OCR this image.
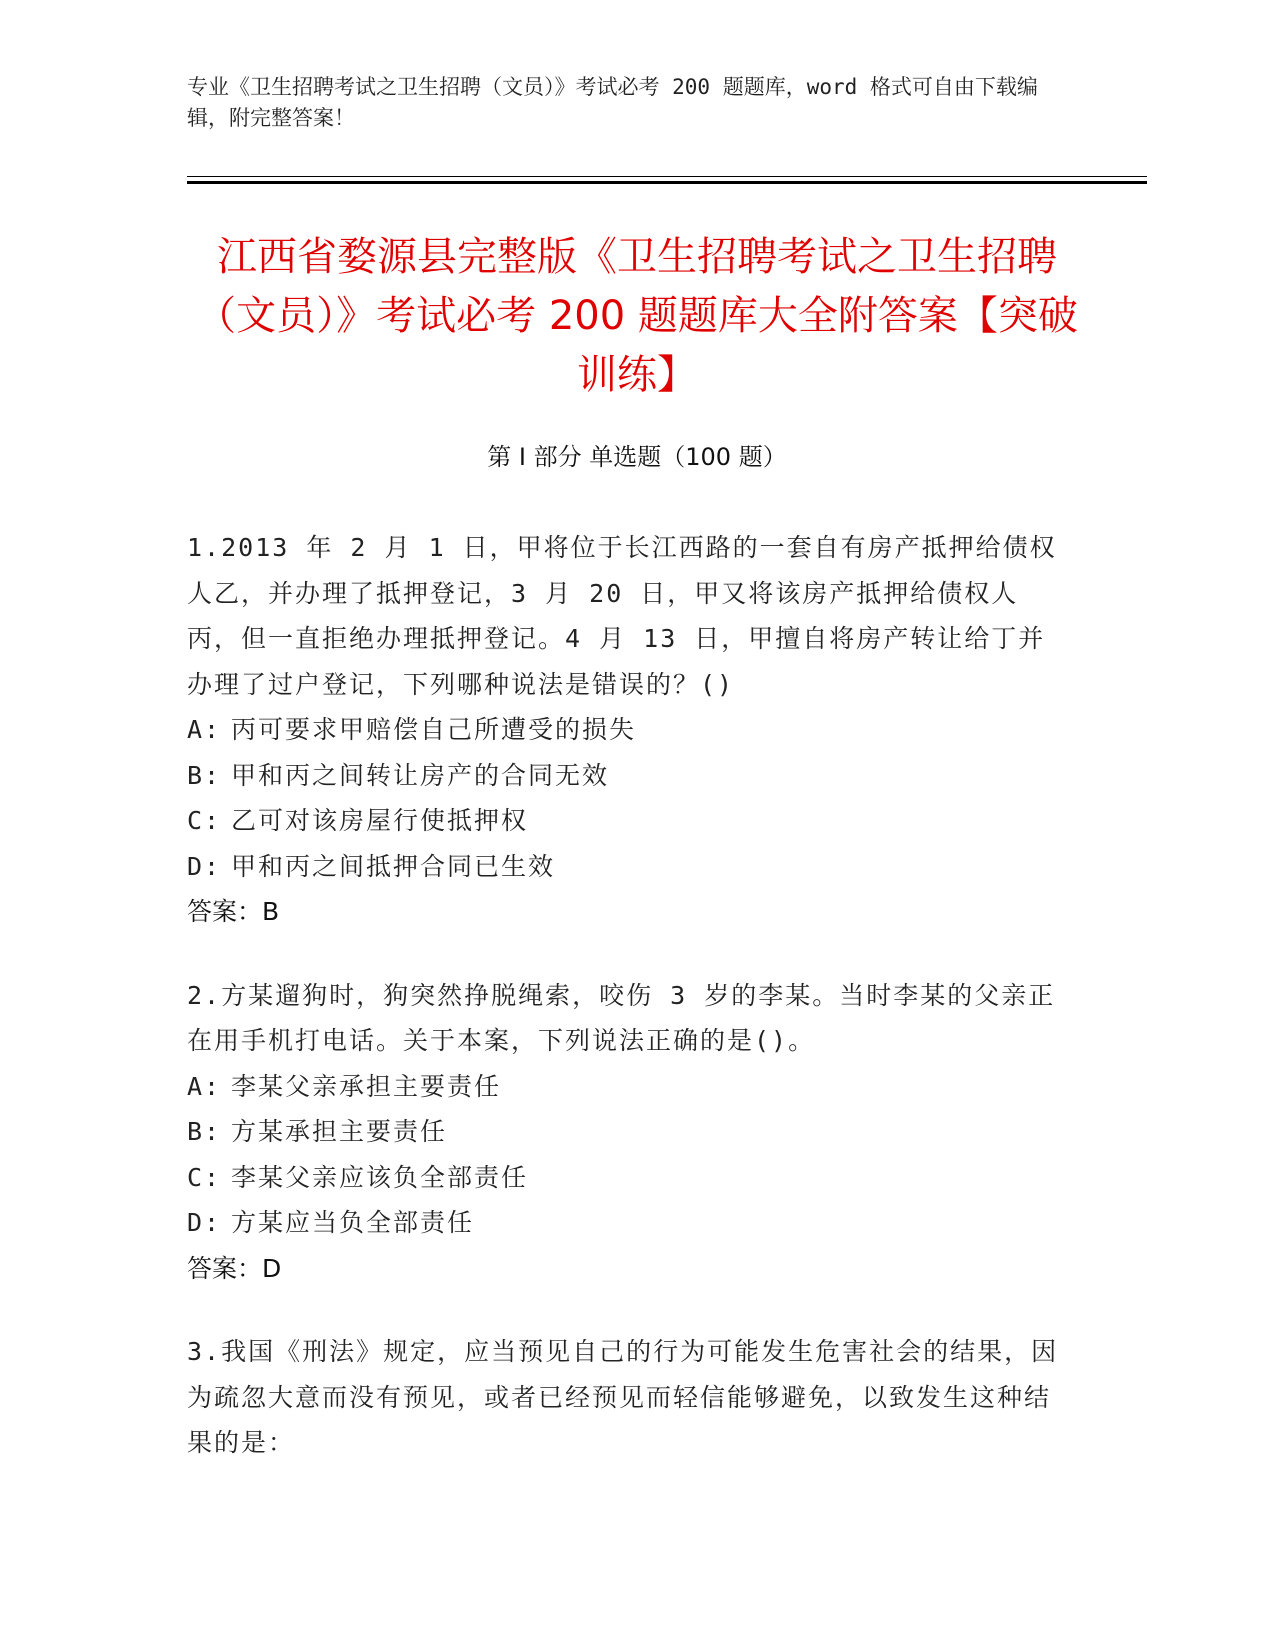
专业《卫生招聘考试之卫生招聘（文员）》考试必考 200 题题库，word 格式可自由下载编辑，附完整答案！
江西省婺源县完整版《卫生招聘考试之卫生招聘（文员）》考试必考 200 题题库大全附答案【突破训练】
第 I 部分 单选题（100 题）

1.2013 年 2 月 1 日，甲将位于长江西路的一套自有房产抵押给债权人乙，并办理了抵押登记，3 月 20 日，甲又将该房产抵押给债权人丙，但一直拒绝办理抵押登记。4 月 13 日，甲擅自将房产转让给丁并办理了过户登记，下列哪种说法是错误的？()

A: 丙可要求甲赔偿自己所遭受的损失
B: 甲和丙之间转让房产的合同无效
C: 乙可对该房屋行使抵押权
D: 甲和丙之间抵押合同已生效

答案：B

2.方某遛狗时，狗突然挣脱绳索，咬伤 3 岁的李某。当时李某的父亲正在用手机打电话。关于本案，下列说法正确的是()。

A: 李某父亲承担主要责任
B: 方某承担主要责任
C: 李某父亲应该负全部责任
D: 方某应当负全部责任

答案：D

3.我国《刑法》规定，应当预见自己的行为可能发生危害社会的结果，因为疏忽大意而没有预见，或者已经预见而轻信能够避免，以致发生这种结果的是：
